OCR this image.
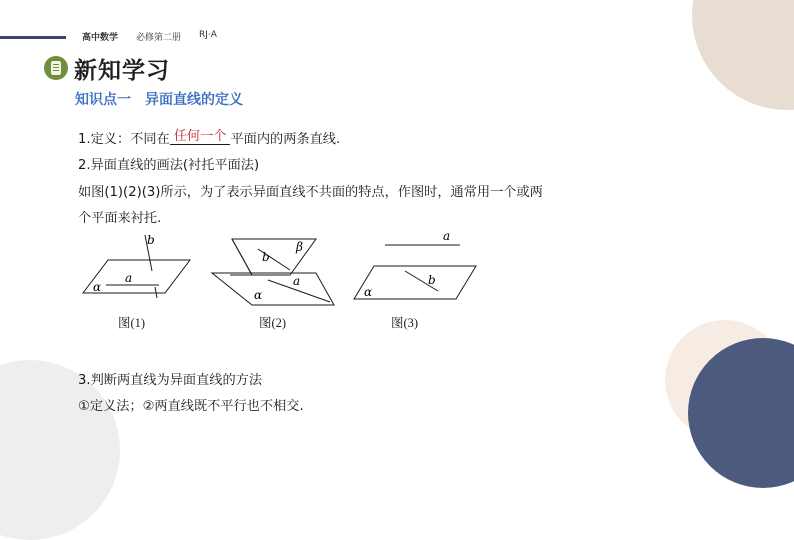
高中数学 必修第二册 RJ·A
新知学习
知识点一　异面直线的定义
1.定义：不同在 任何一个 平面内的两条直线.
2.异面直线的画法(衬托平面法)
如图(1)(2)(3)所示，为了表示异面直线不共面的特点，作图时，通常用一个或两
个平面来衬托.
b
a
α
β
b
a
α
a
b
α
图(1)	图(2)	图(3)
3.判断两直线为异面直线的方法
①定义法；②两直线既不平行也不相交.
